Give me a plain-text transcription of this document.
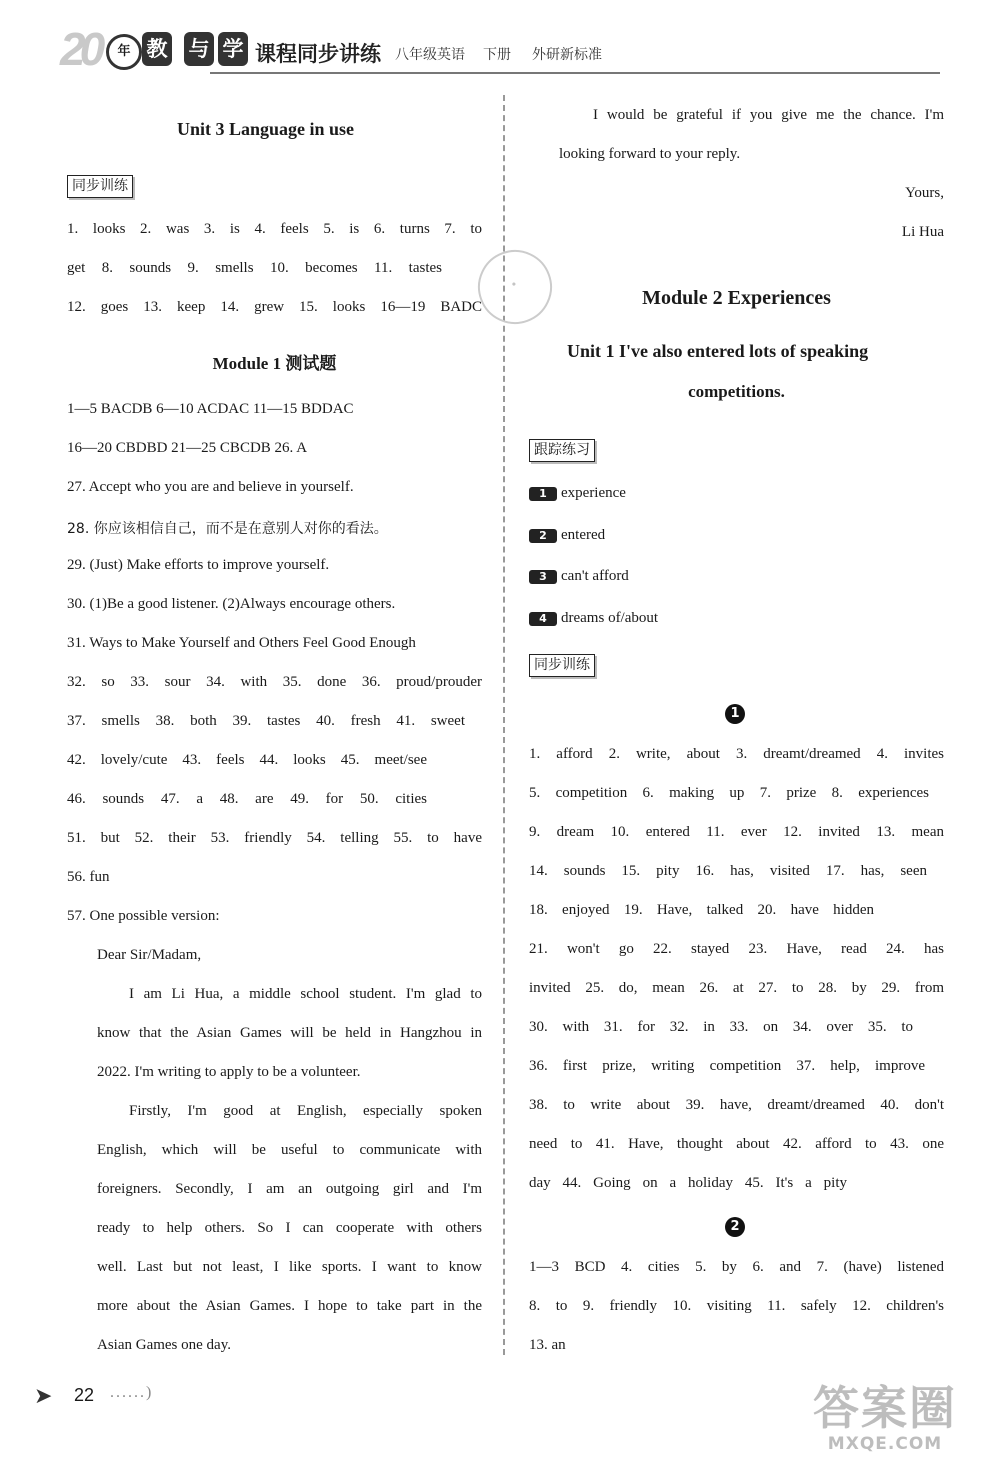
20	年 教 与 学 课程同步讲练 八年级英语 下册 外研新标准
•
Unit 3 Language in use
同步训练
1. looks 2. was 3. is 4. feels 5. is 6. turns 7. to
get 8. sounds 9. smells 10. becomes 11. tastes
12. goes 13. keep 14. grew 15. looks 16—19 BADC
Module 1 测试题
1—5 BACDB 6—10 ACDAC 11—15 BDDAC
16—20 CBDBD 21—25 CBCDB 26. A
27. Accept who you are and believe in yourself.
28. 你应该相信自己，而不是在意别人对你的看法。
29. (Just) Make efforts to improve yourself.
30. (1)Be a good listener. (2)Always encourage others.
31. Ways to Make Yourself and Others Feel Good Enough
32. so 33. sour 34. with 35. done 36. proud/prouder
37. smells 38. both 39. tastes 40. fresh 41. sweet
42. lovely/cute 43. feels 44. looks 45. meet/see
46. sounds 47. a 48. are 49. for 50. cities
51. but 52. their 53. friendly 54. telling 55. to have
56. fun
57. One possible version:
Dear Sir/Madam,
I am Li Hua, a middle school student. I'm glad to
know that the Asian Games will be held in Hangzhou in
2022. I'm writing to apply to be a volunteer.
Firstly, I'm good at English, especially spoken
English, which will be useful to communicate with
foreigners. Secondly, I am an outgoing girl and I'm
ready to help others. So I can cooperate with others
well. Last but not least, I like sports. I want to know
more about the Asian Games. I hope to take part in the
Asian Games one day.
I would be grateful if you give me the chance. I'm
looking forward to your reply.
Yours,
Li Hua
Module 2 Experiences
Unit 1 I've also entered lots of speaking
competitions.
跟踪练习
1 experience
2 entered
3 can't afford
4 dreams of/about
同步训练
1
1. afford 2. write, about 3. dreamt/dreamed 4. invites
5. competition 6. making up 7. prize 8. experiences
9. dream 10. entered 11. ever 12. invited 13. mean
14. sounds 15. pity 16. has, visited 17. has, seen
18. enjoyed 19. Have, talked 20. have hidden
21. won't go 22. stayed 23. Have, read 24. has
invited 25. do, mean 26. at 27. to 28. by 29. from
30. with 31. for 32. in 33. on 34. over 35. to
36. first prize, writing competition 37. help, improve
38. to write about 39. have, dreamt/dreamed 40. don't
need to 41. Have, thought about 42. afford to 43. one
day 44. Going on a holiday 45. It's a pity
2
1—3 BCD 4. cities 5. by 6. and 7. (have) listened
8. to 9. friendly 10. visiting 11. safely 12. children's
13. an
➤ 22 ......)	答案圈
MXQE.COM
